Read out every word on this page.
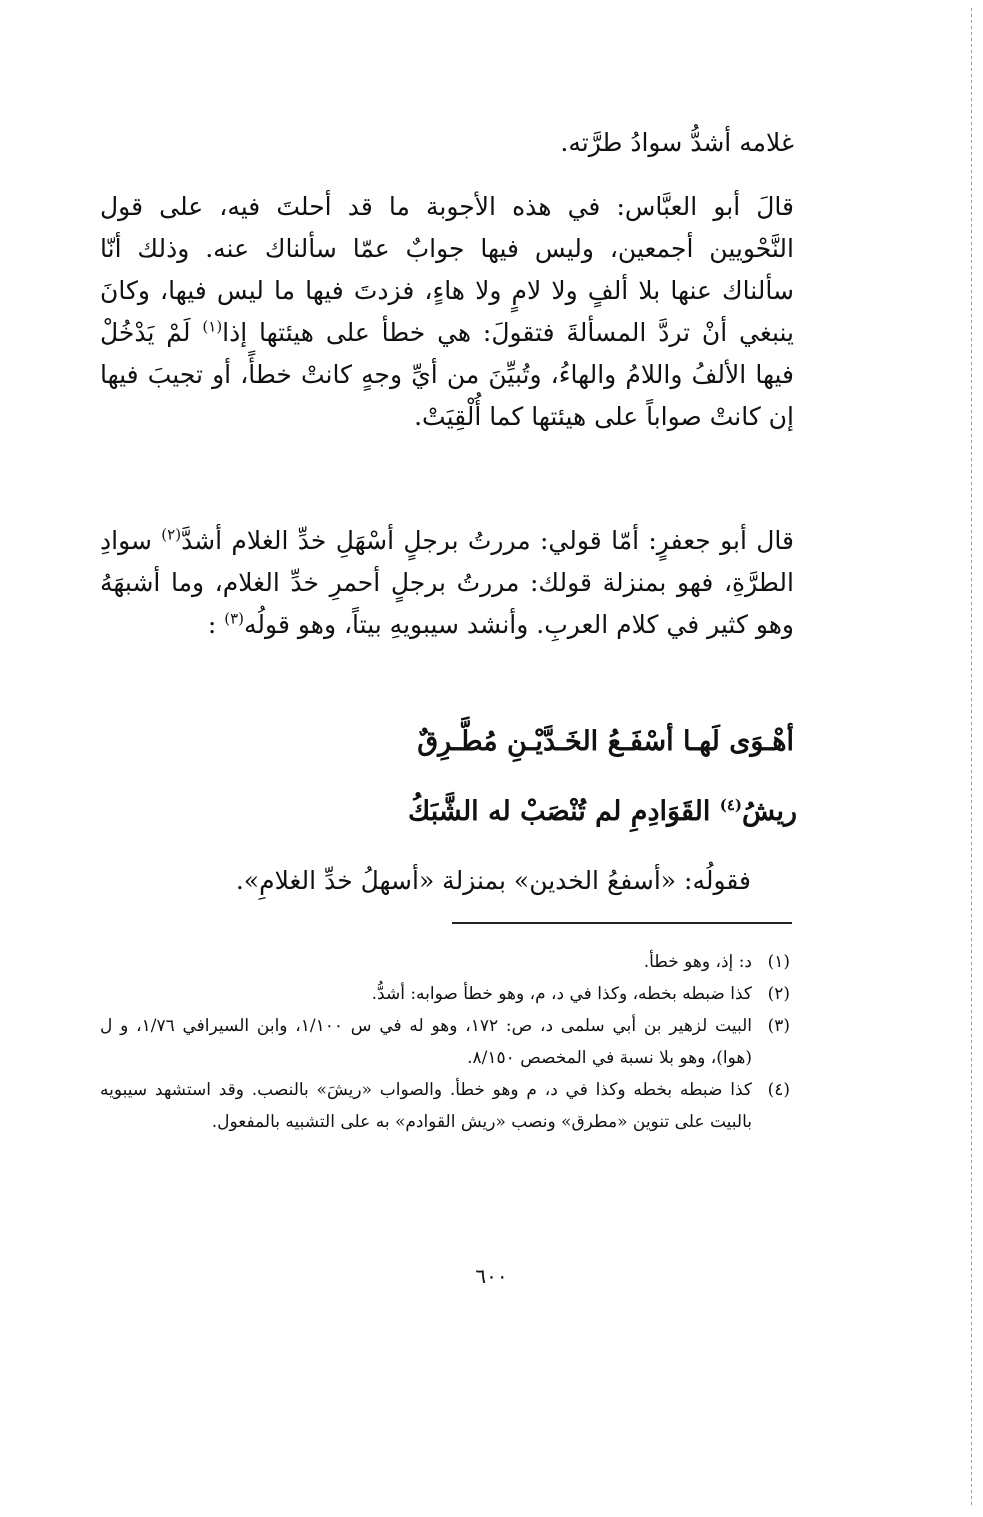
غلامه أشدُّ سوادُ طرَّته.

قالَ أبو العبَّاس: في هذه الأجوبة ما قد أحلتَ فيه، على قول النَّحْويين أجمعين، وليس فيها جوابٌ عمّا سألناك عنه. وذلك أنّا سألناك عنها بلا ألفٍ ولا لامٍ ولا هاءٍ، فزدتَ فيها ما ليس فيها، وكانَ ينبغي أنْ تردَّ المسألةَ فتقولَ: هي خطأ على هيئتها إذا$^{(١)}$ لَمْ يَدْخُلْ فيها الألفُ واللامُ والهاءُ، وتُبيِّنَ من أيِّ وجهٍ كانتْ خطأً، أو تجيبَ فيها إن كانتْ صواباً على هيئتها كما أُلْقِيَتْ.

قال أبو جعفرٍ: أمّا قولي: مررتُ برجلٍ أسْهَلِ خدِّ الغلام أشدَّ$^{(٢)}$ سوادِ الطرَّةِ، فهو بمنزلة قولك: مررتُ برجلٍ أحمرِ خدِّ الغلام، وما أشبهَهُ وهو كثير في كلام العربِ. وأنشد سيبويهِ بيتاً، وهو قولُه$^{(٣)}$ :

أهْـوَى لَهـا أسْفَـعُ الخَـدَّيْـنِ مُطَّـرِقٌ
ريشُ$^{(٤)}$ القَوَادِمِ لم تُنْصَبْ له الشَّبَكُ
فقولُه: «أسفعُ الخدين» بمنزلة «أسهلُ خدِّ الغلامِ».
(١)
د: إذ، وهو خطأ.
(٢)
كذا ضبطه بخطه، وكذا في د، م، وهو خطأ صوابه: أشدُّ.
(٣)
البيت لزهير بن أبي سلمى د، ص: ١٧٢، وهو له في س ١/١٠٠، وابن السيرافي ١/٧٦، و ل (هوا)، وهو بلا نسبة في المخصص ٨/١٥٠.
(٤)
كذا ضبطه بخطه وكذا في د، م وهو خطأ. والصواب «ريشَ» بالنصب. وقد استشهد سيبويه بالبيت على تنوين «مطرق» ونصب «ريش القوادم» به على التشبيه بالمفعول.
٦٠٠
